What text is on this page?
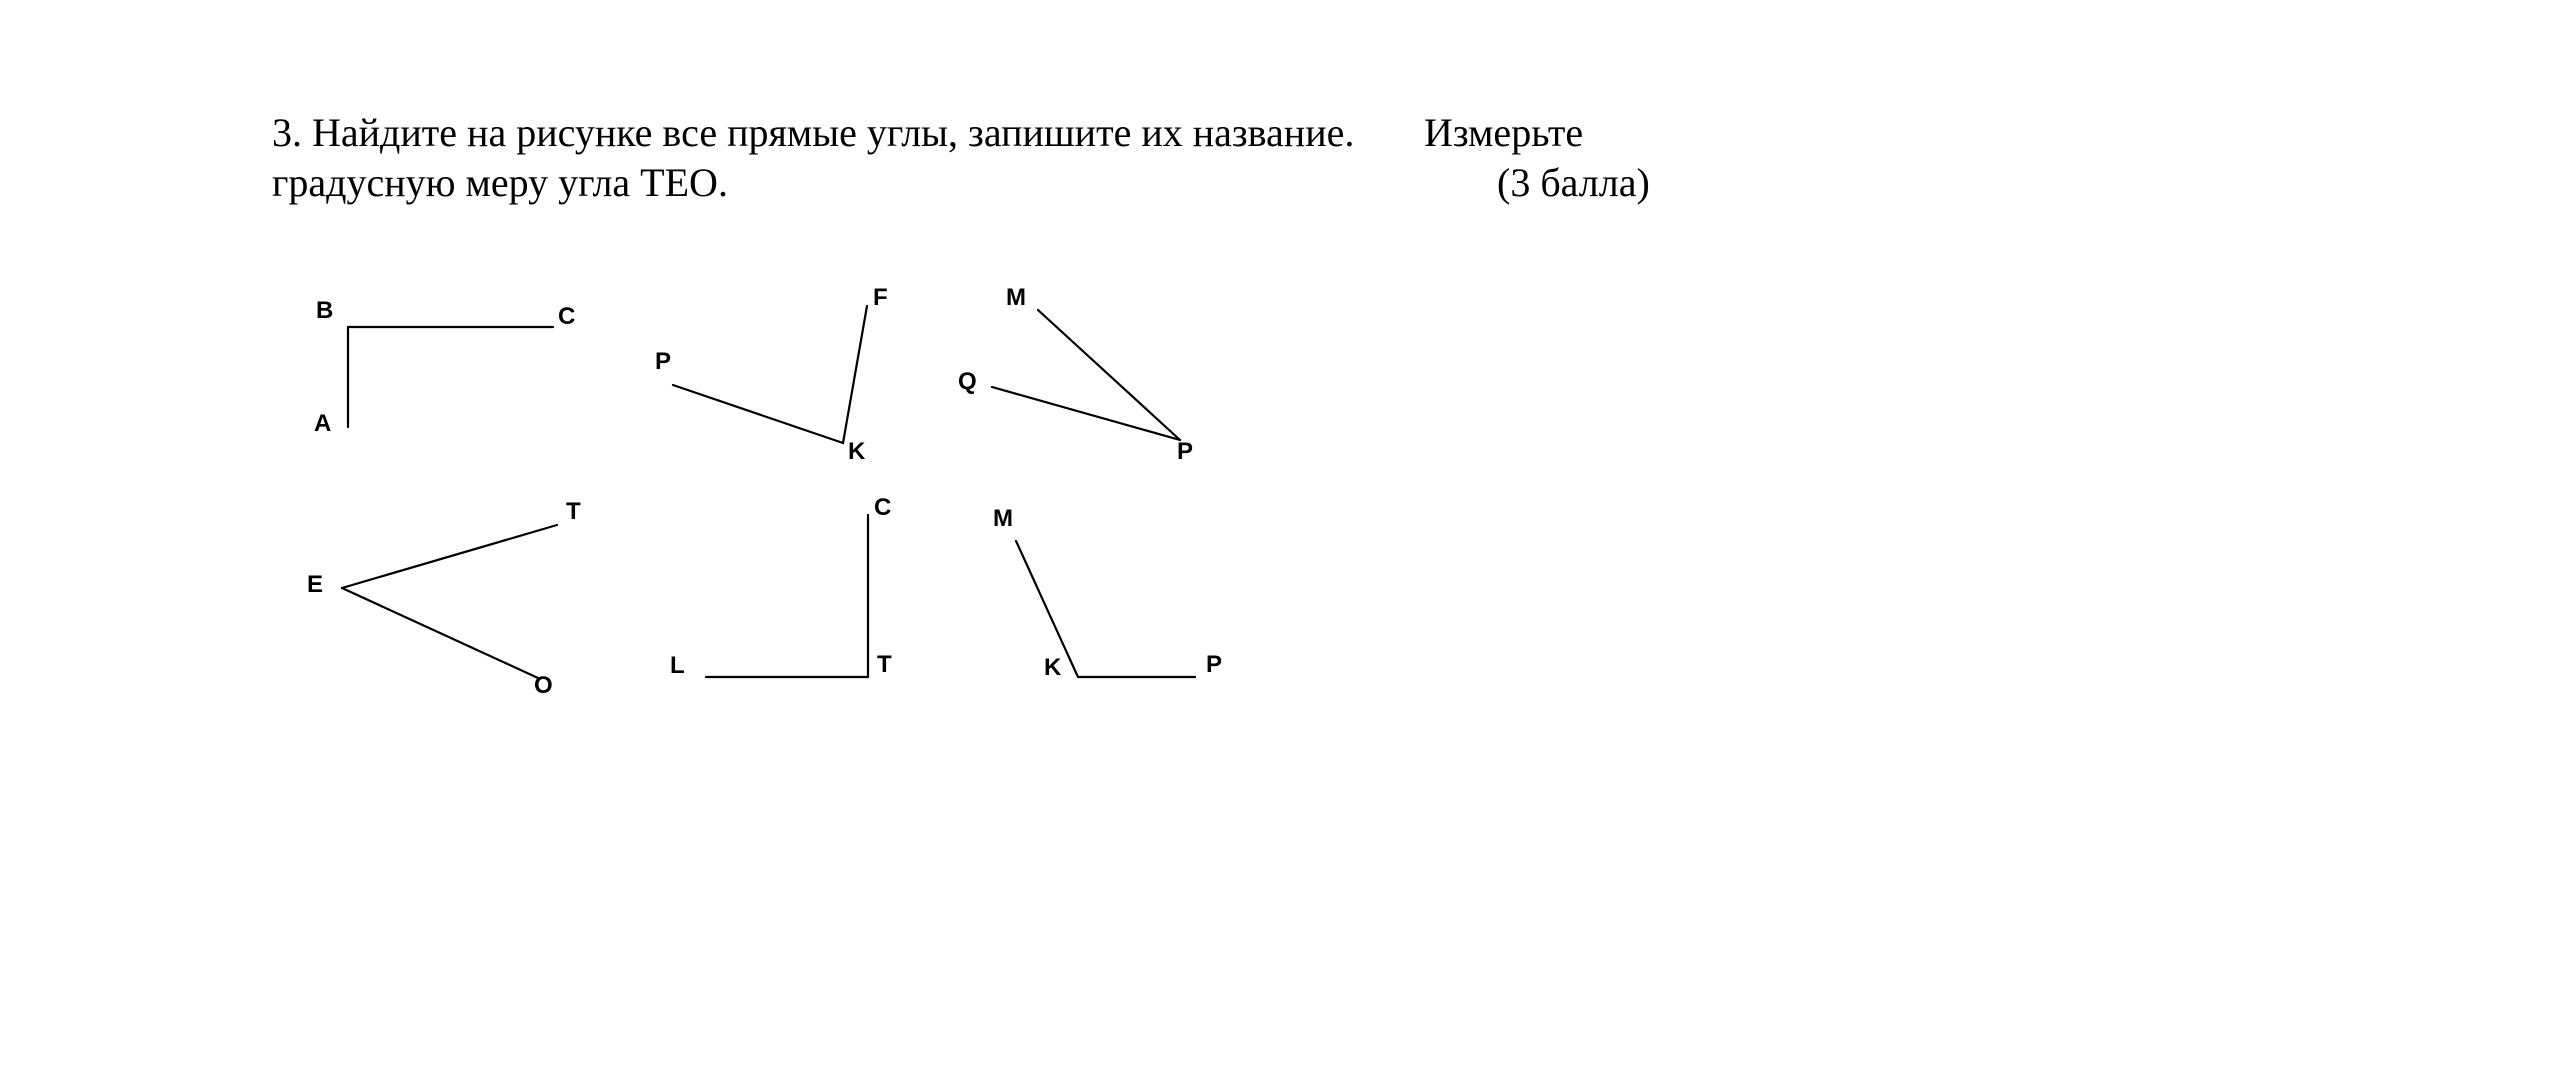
3. Найдите на рисунке все прямые углы, запишите их название. Измерьте
градусную меру угла ТЕО.	(3 балла)
B	C
A
P
F
K
M
Q
P
E
T
O
L	T
C	M
K	P
